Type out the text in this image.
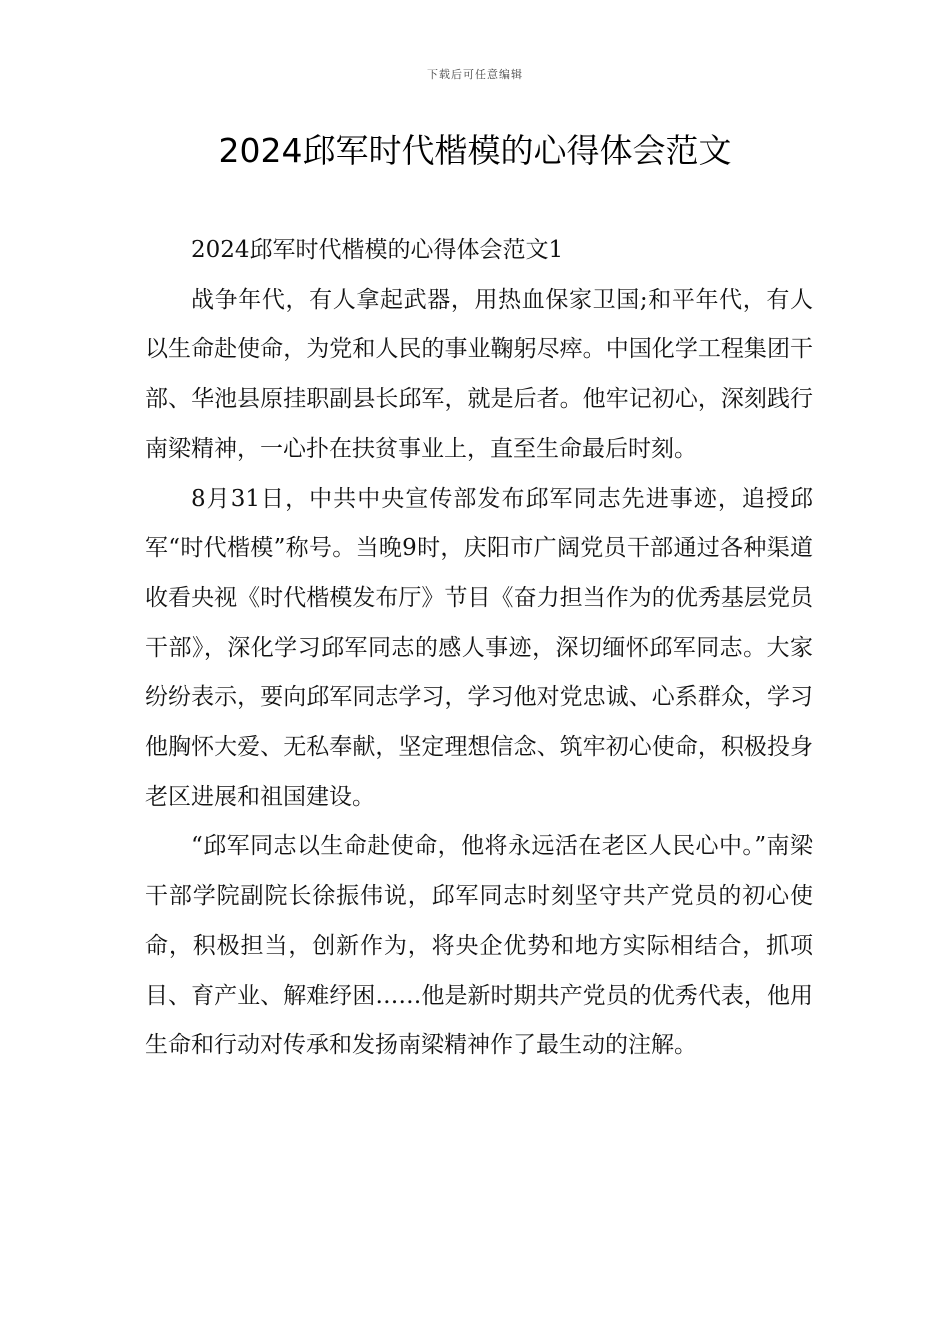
下载后可任意编辑
2024邱军时代楷模的心得体会范文

2024邱军时代楷模的心得体会范文1

战争年代，有人拿起武器，用热血保家卫国;和平年代，有人以生命赴使命，为党和人民的事业鞠躬尽瘁。中国化学工程集团干部、华池县原挂职副县长邱军，就是后者。他牢记初心，深刻践行南梁精神，一心扑在扶贫事业上，直至生命最后时刻。

8月31日，中共中央宣传部发布邱军同志先进事迹，追授邱军“时代楷模”称号。当晚9时，庆阳市广阔党员干部通过各种渠道收看央视《时代楷模发布厅》节目《奋力担当作为的优秀基层党员干部》，深化学习邱军同志的感人事迹，深切缅怀邱军同志。大家纷纷表示，要向邱军同志学习，学习他对党忠诚、心系群众，学习他胸怀大爱、无私奉献，坚定理想信念、筑牢初心使命，积极投身老区进展和祖国建设。

“邱军同志以生命赴使命，他将永远活在老区人民心中。”南梁干部学院副院长徐振伟说，邱军同志时刻坚守共产党员的初心使命，积极担当，创新作为，将央企优势和地方实际相结合，抓项目、育产业、解难纾困……他是新时期共产党员的优秀代表，他用生命和行动对传承和发扬南梁精神作了最生动的注解。
